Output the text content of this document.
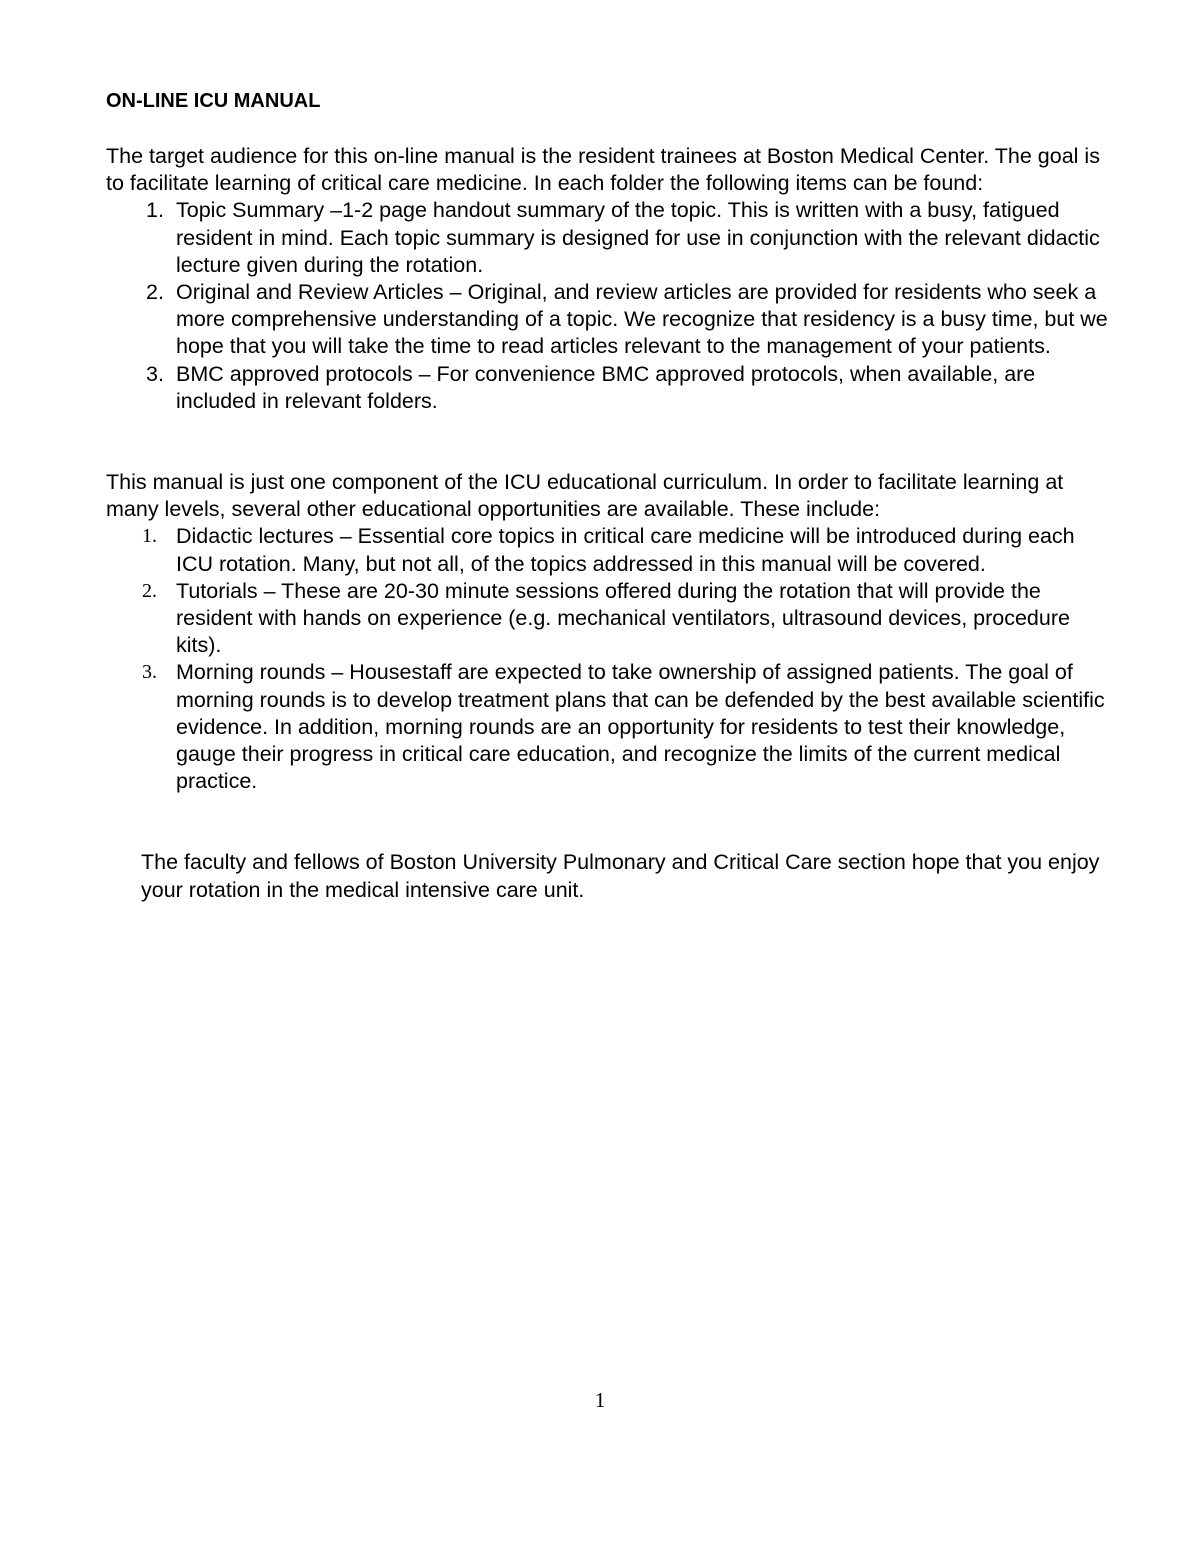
ON-LINE ICU MANUAL

The target audience for this on-line manual is the resident trainees at Boston Medical Center. The goal is to facilitate learning of critical care medicine. In each folder the following items can be found:

1. Topic Summary –1-2 page handout summary of the topic. This is written with a busy, fatigued resident in mind. Each topic summary is designed for use in conjunction with the relevant didactic lecture given during the rotation.
2. Original and Review Articles – Original, and review articles are provided for residents who seek a more comprehensive understanding of a topic. We recognize that residency is a busy time, but we hope that you will take the time to read articles relevant to the management of your patients.
3. BMC approved protocols – For convenience BMC approved protocols, when available, are included in relevant folders.

This manual is just one component of the ICU educational curriculum. In order to facilitate learning at many levels, several other educational opportunities are available. These include:

1. Didactic lectures – Essential core topics in critical care medicine will be introduced during each ICU rotation. Many, but not all, of the topics addressed in this manual will be covered.
2. Tutorials – These are 20-30 minute sessions offered during the rotation that will provide the resident with hands on experience (e.g. mechanical ventilators, ultrasound devices, procedure kits).
3. Morning rounds – Housestaff are expected to take ownership of assigned patients. The goal of morning rounds is to develop treatment plans that can be defended by the best available scientific evidence. In addition, morning rounds are an opportunity for residents to test their knowledge, gauge their progress in critical care education, and recognize the limits of the current medical practice.

The faculty and fellows of Boston University Pulmonary and Critical Care section hope that you enjoy your rotation in the medical intensive care unit.

1
